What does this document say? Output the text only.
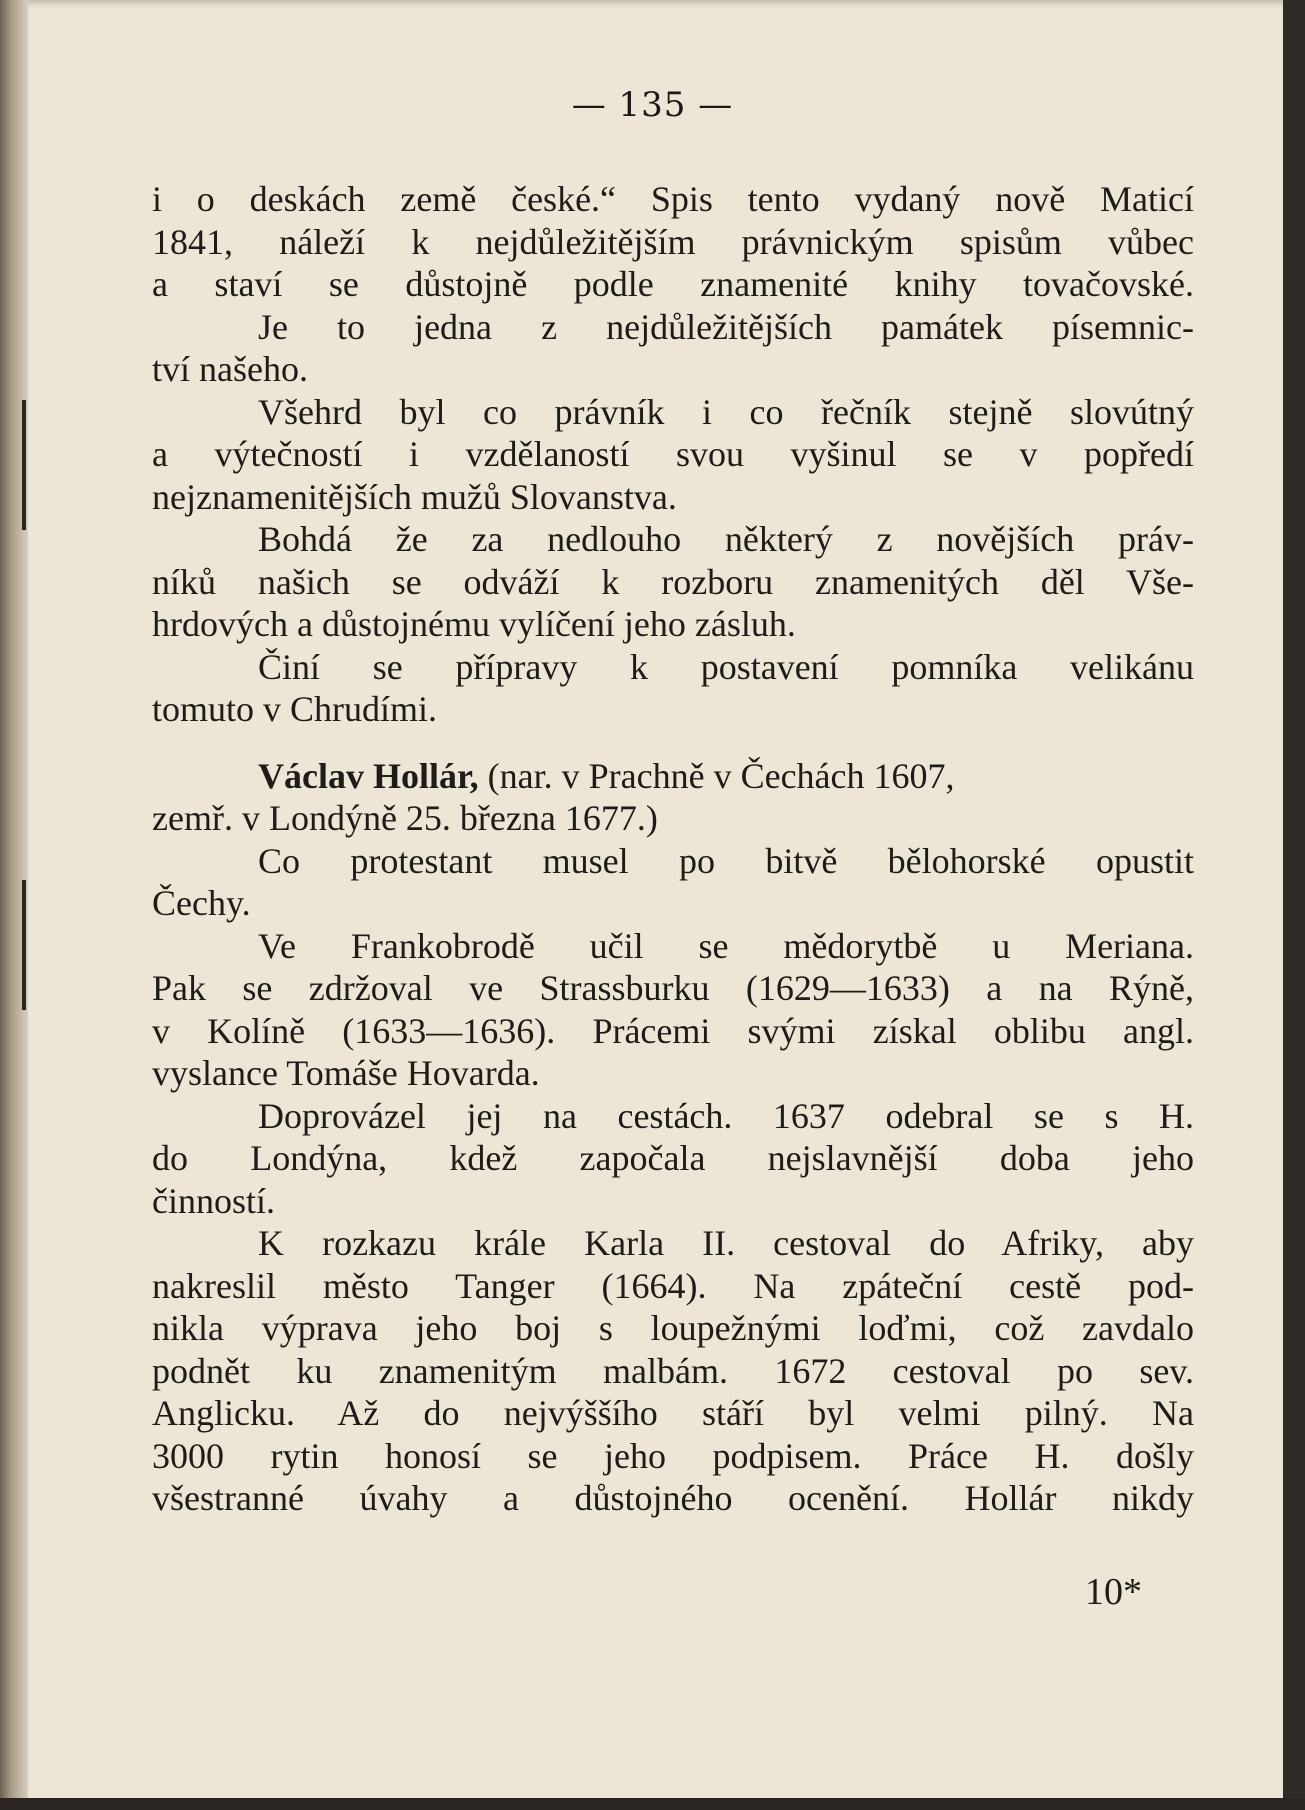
— 135 —
i o deskách země české.“ Spis tento vydaný nově Maticí
1841, náleží k nejdůležitějším právnickým spisům vůbec
a staví se důstojně podle znamenité knihy tovačovské.
Je to jedna z nejdůležitějších památek písemnic-
tví našeho.
Všehrd byl co právník i co řečník stejně slovútný
a výtečností i vzdělaností svou vyšinul se v popředí
nejznamenitějších mužů Slovanstva.
Bohdá že za nedlouho některý z novějších práv-
níků našich se odváží k rozboru znamenitých děl Vše-
hrdových a důstojnému vylíčení jeho zásluh.
Činí se přípravy k postavení pomníka velikánu
tomuto v Chrudími.
Václav Hollár, (nar. v Prachně v Čechách 1607,
zemř. v Londýně 25. března 1677.)
Co protestant musel po bitvě bělohorské opustit
Čechy.
Ve Frankobrodě učil se mědorytbě u Meriana.
Pak se zdržoval ve Strassburku (1629—1633) a na Rýně,
v Kolíně (1633—1636). Prácemi svými získal oblibu angl.
vyslance Tomáše Hovarda.
Doprovázel jej na cestách. 1637 odebral se s H.
do Londýna, kdež započala nejslavnější doba jeho
činností.
K rozkazu krále Karla II. cestoval do Afriky, aby
nakreslil město Tanger (1664). Na zpáteční cestě pod-
nikla výprava jeho boj s loupežnými loďmi, což zavdalo
podnět ku znamenitým malbám. 1672 cestoval po sev.
Anglicku. Až do nejvýššího stáří byl velmi pilný. Na
3000 rytin honosí se jeho podpisem. Práce H. došly
všestranné úvahy a důstojného ocenění. Hollár nikdy
10*
